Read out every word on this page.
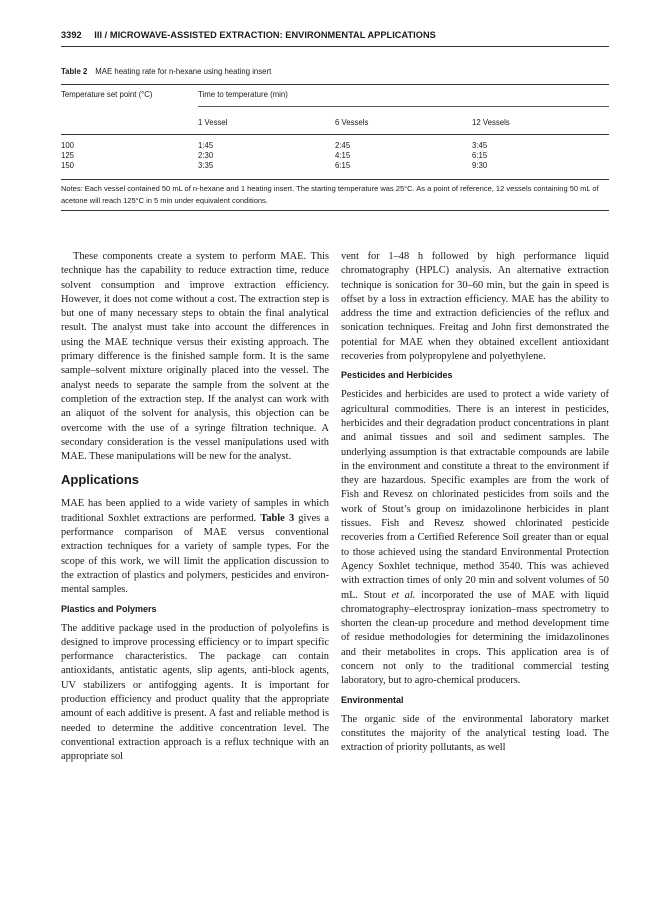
3392 III / MICROWAVE-ASSISTED EXTRACTION: ENVIRONMENTAL APPLICATIONS
Table 2 MAE heating rate for n-hexane using heating insert
Temperature set point (°C)	Time to temperature (min)
1 Vessel	6 Vessels	12 Vessels
100	1:45	2:45	3:45
125	2:30	4:15	6:15
150	3:35	6:15	9:30
Notes: Each vessel contained 50 mL of n-hexane and 1 heating insert. The starting temperature was 25°C. As a point of reference, 12 vessels containing 50 mL of acetone will reach 125°C in 5 min under equivalent conditions.

These components create a system to perform MAE. This technique has the capability to reduce extraction time, reduce solvent consumption and improve extraction efficiency. However, it does not come without a cost. The extraction step is but one of many necessary steps to obtain the final analytical result. The analyst must take into account the differences in using the MAE technique versus their existing approach. The primary difference is the finished sample form. It is the same sample–solvent mixture originally placed into the vessel. The analyst needs to separate the sample from the solvent at the completion of the extraction step. If the analyst can work with an aliquot of the solvent for analysis, this objection can be overcome with the use of a syringe filtration technique. A secondary consideration is the vessel manipulations used with MAE. These manipulations will be new for the analyst.

Applications

MAE has been applied to a wide variety of samples in which traditional Soxhlet extractions are performed. Table 3 gives a performance comparison of MAE versus conventional extraction techniques for a variety of sample types. For the scope of this work, we will limit the application discussion to the extraction of plastics and polymers, pesticides and environmental samples.

Plastics and Polymers

The additive package used in the production of polyolefins is designed to improve processing efficiency or to impart specific performance characteristics. The package can contain antioxidants, antistatic agents, slip agents, anti-block agents, UV stabilizers or antifogging agents. It is important for production efficiency and product quality that the appropriate amount of each additive is present. A fast and reliable method is needed to determine the additive concentration level. The conventional extraction approach is a reflux technique with an appropriate sol

vent for 1–48 h followed by high performance liquid chromatography (HPLC) analysis. An alternative extraction technique is sonication for 30–60 min, but the gain in speed is offset by a loss in extraction efficiency. MAE has the ability to address the time and extraction deficiencies of the reflux and sonication techniques. Freitag and John first demonstrated the potential for MAE when they obtained excellent antioxidant recoveries from polypropylene and polyethylene.

Pesticides and Herbicides

Pesticides and herbicides are used to protect a wide variety of agricultural commodities. There is an interest in pesticides, herbicides and their degradation product concentrations in plant and animal tissues and soil and sediment samples. The underlying assumption is that extractable compounds are labile in the environment and constitute a threat to the environment if they are hazardous. Specific examples are from the work of Fish and Revesz on chlorinated pesticides from soils and the work of Stout’s group on imidazolinone herbicides in plant tissues. Fish and Revesz showed chlorinated pesticide recoveries from a Certified Reference Soil greater than or equal to those achieved using the standard Environmental Protection Agency Soxhlet technique, method 3540. This was achieved with extraction times of only 20 min and solvent volumes of 50 mL. Stout et al. incorporated the use of MAE with liquid chromatography–electrospray ionization–mass spectrometry to shorten the clean-up procedure and method development time of residue methodologies for determining the imidazolinones and their metabolites in crops. This application area is of concern not only to the traditional commercial testing laboratory, but to agro-chemical producers.

Environmental

The organic side of the environmental laboratory market constitutes the majority of the analytical testing load. The extraction of priority pollutants, as well
